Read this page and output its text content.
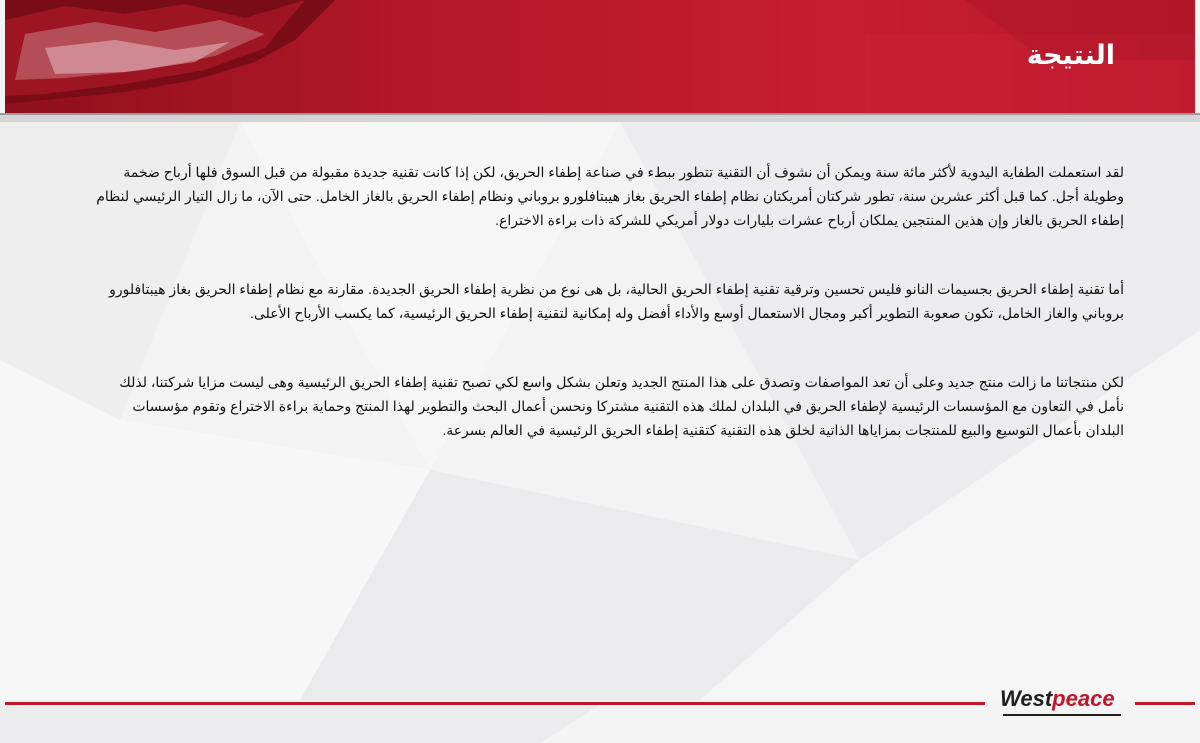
النتيجة

لقد استعملت الطفاية اليدوية لأكثر مائة سنة ويمكن أن نشوف أن التقنية تتطور ببطء في صناعة إطفاء الحريق، لكن إذا كانت تقنية جديدة مقبولة من قبل السوق فلها أرباح ضخمة وطويلة أجل. كما قبل أكثر عشرين سنة، تطور شركتان أمريكتان نظام إطفاء الحريق بغاز هيبتافلورو بروباني ونظام إطفاء الحريق بالغاز الخامل. حتى الآن، ما زال التيار الرئيسي لنظام إطفاء الحريق بالغاز وإن هذين المنتجين يملكان أرباح عشرات بليارات دولار أمريكي للشركة ذات براءة الاختراع.

أما تقنية إطفاء الحريق بجسيمات النانو فليس تحسين وترقية تقنية إطفاء الحريق الحالية، بل هى نوع من نظرية إطفاء الحريق الجديدة. مقارنة مع نظام إطفاء الحريق بغاز هيبتافلورو بروباني والغاز الخامل، تكون صعوبة التطوير أكبر ومجال الاستعمال أوسع والأداء أفضل وله إمكانية لتقنية إطفاء الحريق الرئيسية، كما يكسب الأرباح الأعلى.

لكن منتجاتنا ما زالت منتج جديد وعلى أن تعد المواصفات وتصدق على هذا المنتج الجديد وتعلن بشكل واسع لكي تصبح تقنية إطفاء الحريق الرئيسية وهى ليست مزايا شركتنا، لذلك نأمل في التعاون مع المؤسسات الرئيسية لإطفاء الحريق في البلدان لملك هذه التقنية مشتركا ونحسن أعمال البحث والتطوير لهذا المنتج وحماية براءة الاختراع وتقوم مؤسسات البلدان بأعمال التوسيع والبيع للمنتجات بمزاياها الذاتية لخلق هذه التقنية كتقنية إطفاء الحريق الرئيسية في العالم بسرعة.

Westpeace
